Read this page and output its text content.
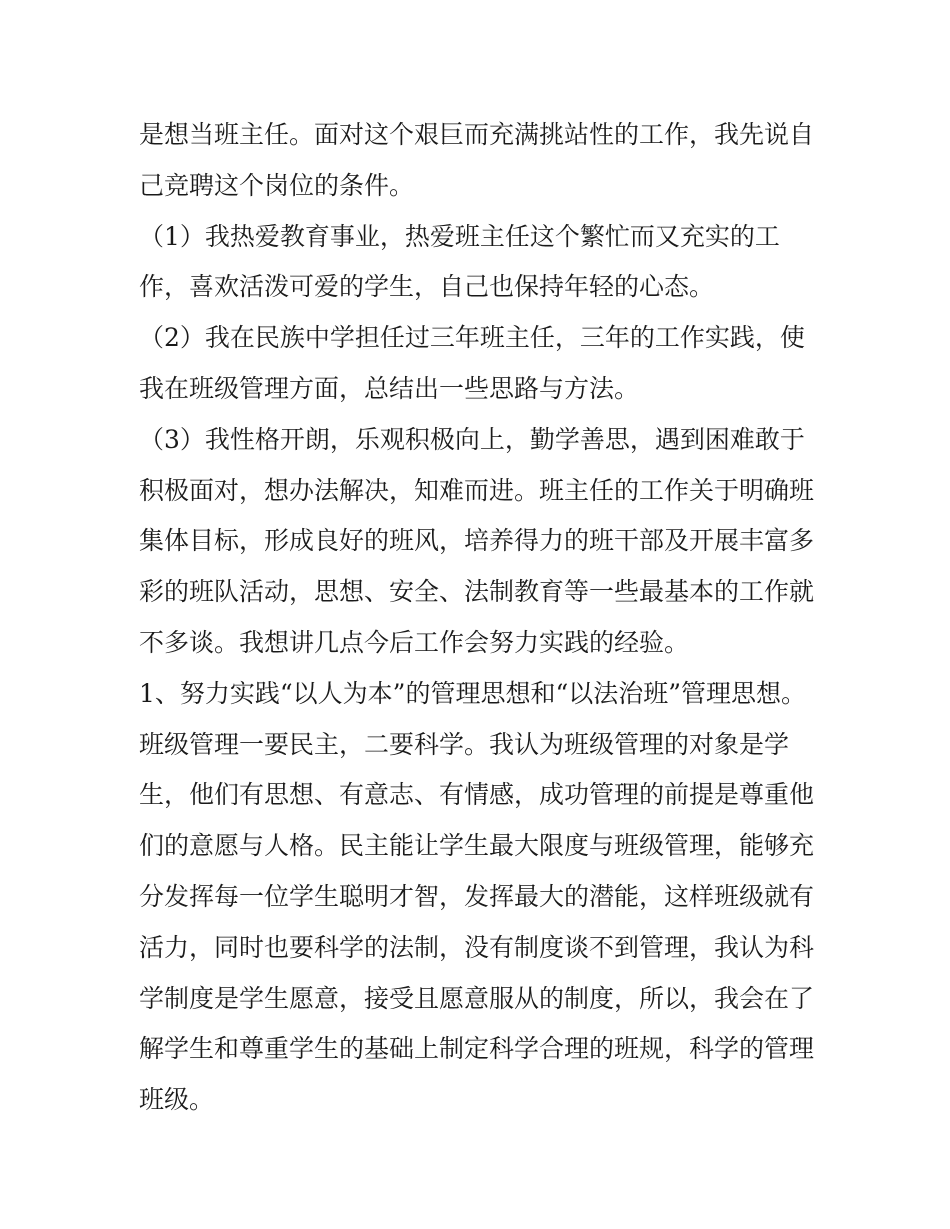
是想当班主任。面对这个艰巨而充满挑站性的工作，我先说自
己竞聘这个岗位的条件。
（1）我热爱教育事业，热爱班主任这个繁忙而又充实的工
作，喜欢活泼可爱的学生，自己也保持年轻的心态。
（2）我在民族中学担任过三年班主任，三年的工作实践，使
我在班级管理方面，总结出一些思路与方法。
（3）我性格开朗，乐观积极向上，勤学善思，遇到困难敢于
积极面对，想办法解决，知难而进。班主任的工作关于明确班
集体目标，形成良好的班风，培养得力的班干部及开展丰富多
彩的班队活动，思想、安全、法制教育等一些最基本的工作就
不多谈。我想讲几点今后工作会努力实践的经验。
1、努力实践“以人为本”的管理思想和“以法治班”管理思想。
班级管理一要民主，二要科学。我认为班级管理的对象是学
生，他们有思想、有意志、有情感，成功管理的前提是尊重他
们的意愿与人格。民主能让学生最大限度与班级管理，能够充
分发挥每一位学生聪明才智，发挥最大的潜能，这样班级就有
活力，同时也要科学的法制，没有制度谈不到管理，我认为科
学制度是学生愿意，接受且愿意服从的制度，所以，我会在了
解学生和尊重学生的基础上制定科学合理的班规，科学的管理
班级。
